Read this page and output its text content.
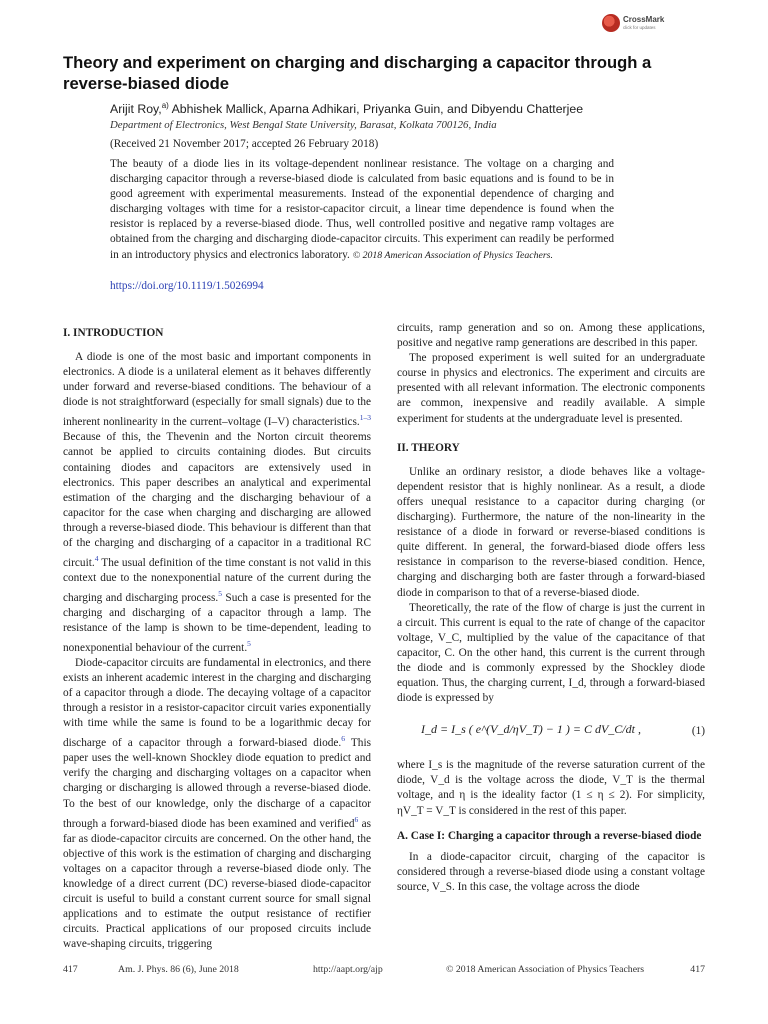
CrossMark
click for updates
Theory and experiment on charging and discharging a capacitor through a reverse-biased diode
Arijit Roy,$^{a)}$ Abhishek Mallick, Aparna Adhikari, Priyanka Guin, and Dibyendu Chatterjee
Department of Electronics, West Bengal State University, Barasat, Kolkata 700126, India
(Received 21 November 2017; accepted 26 February 2018)

The beauty of a diode lies in its voltage-dependent nonlinear resistance. The voltage on a charging and discharging capacitor through a reverse-biased diode is calculated from basic equations and is found to be in good agreement with experimental measurements. Instead of the exponential dependence of charging and discharging voltages with time for a resistor-capacitor circuit, a linear time dependence is found when the resistor is replaced by a reverse-biased diode. Thus, well controlled positive and negative ramp voltages are obtained from the charging and discharging diode-capacitor circuits. This experiment can readily be performed in an introductory physics and electronics laboratory. © 2018 American Association of Physics Teachers.

https://doi.org/10.1119/1.5026994
I. INTRODUCTION

A diode is one of the most basic and important components in electronics. A diode is a unilateral element as it behaves differently under forward and reverse-biased conditions. The behaviour of a diode is not straightforward (especially for small signals) due to the inherent nonlinearity in the current–voltage (I–V) characteristics.$^{1-3}$ Because of this, the Thevenin and the Norton circuit theorems cannot be applied to circuits containing diodes. But circuits containing diodes and capacitors are extensively used in electronics. This paper describes an analytical and experimental estimation of the charging and the discharging behaviour of a capacitor for the case when charging and discharging are allowed through a reverse-biased diode. This behaviour is different than that of the charging and discharging of a capacitor in a traditional RC circuit.$^4$ The usual definition of the time constant is not valid in this context due to the nonexponential nature of the current during the charging and discharging process.$^5$ Such a case is presented for the charging and discharging of a capacitor through a lamp. The resistance of the lamp is shown to be time-dependent, leading to nonexponential behaviour of the current.$^5$

Diode-capacitor circuits are fundamental in electronics, and there exists an inherent academic interest in the charging and discharging of a capacitor through a diode. The decaying voltage of a capacitor through a resistor in a resistor-capacitor circuit varies exponentially with time while the same is found to be a logarithmic decay for discharge of a capacitor through a forward-biased diode.$^6$ This paper uses the well-known Shockley diode equation to predict and verify the charging and discharging voltages on a capacitor when charging or discharging is allowed through a reverse-biased diode. To the best of our knowledge, only the discharge of a capacitor through a forward-biased diode has been examined and verified$^6$ as far as diode-capacitor circuits are concerned. On the other hand, the objective of this work is the estimation of charging and discharging voltages on a capacitor through a reverse-biased diode only. The knowledge of a direct current (DC) reverse-biased diode-capacitor circuit is useful to build a constant current source for small signal applications and to estimate the output resistance of rectifier circuits. Practical applications of our proposed circuits include wave-shaping circuits, triggering

circuits, ramp generation and so on. Among these applications, positive and negative ramp generations are described in this paper.

The proposed experiment is well suited for an undergraduate course in physics and electronics. The experiment and circuits are presented with all relevant information. The electronic components are common, inexpensive and readily available. A simple experiment for students at the undergraduate level is presented.

II. THEORY

Unlike an ordinary resistor, a diode behaves like a voltage-dependent resistor that is highly nonlinear. As a result, a diode offers unequal resistance to a capacitor during charging (or discharging). Furthermore, the nature of the non-linearity in the resistance of a diode in forward or reverse-biased conditions is quite different. In general, the forward-biased diode offers less resistance in comparison to the reverse-biased condition. Hence, charging and discharging both are faster through a forward-biased diode in comparison to that of a reverse-biased diode.

Theoretically, the rate of the flow of charge is just the current in a circuit. This current is equal to the rate of change of the capacitor voltage, V_C, multiplied by the value of the capacitance of that capacitor, C. On the other hand, this current is the current through the diode and is commonly expressed by the Shockley diode equation. Thus, the charging current, I_d, through a forward-biased diode is expressed by

I_d = I_s ( e^(V_d/ηV_T) − 1 ) = C dV_C/dt ,	(1)

where I_s is the magnitude of the reverse saturation current of the diode, V_d is the voltage across the diode, V_T is the thermal voltage, and η is the ideality factor (1 ≤ η ≤ 2). For simplicity, ηV_T = V_T is considered in the rest of this paper.

A. Case I: Charging a capacitor through a reverse-biased diode

In a diode-capacitor circuit, charging of the capacitor is considered through a reverse-biased diode using a constant voltage source, V_S. In this case, the voltage across the diode

417	Am. J. Phys. 86 (6), June 2018	http://aapt.org/ajp	© 2018 American Association of Physics Teachers	417
